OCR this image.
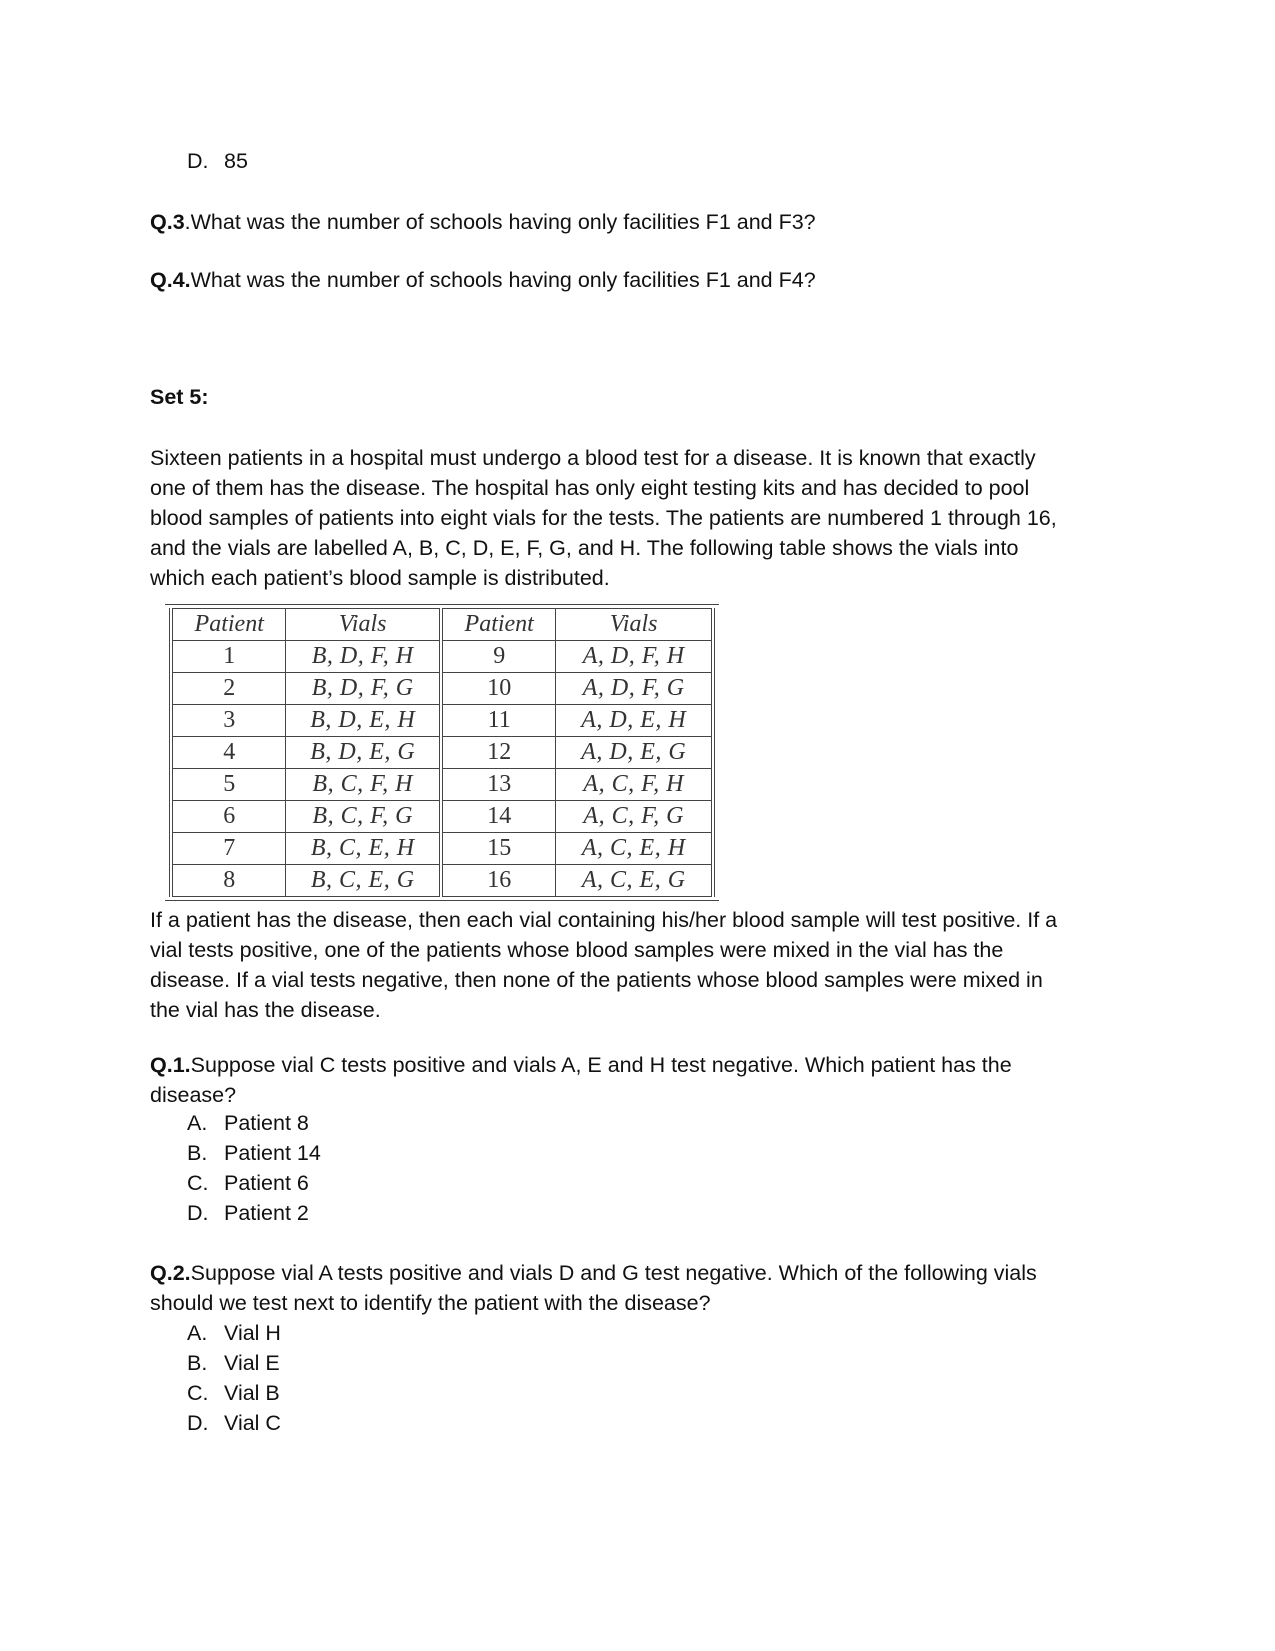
D. 85
Q.3.What was the number of schools having only facilities F1 and F3?
Q.4.What was the number of schools having only facilities F1 and F4?
Set 5:
Sixteen patients in a hospital must undergo a blood test for a disease. It is known that exactly
one of them has the disease. The hospital has only eight testing kits and has decided to pool
blood samples of patients into eight vials for the tests. The patients are numbered 1 through 16,
and the vials are labelled A, B, C, D, E, F, G, and H. The following table shows the vials into
which each patient’s blood sample is distributed.
Patient	Vials	Patient	Vials
1	B, D, F, H	9	A, D, F, H
2	B, D, F, G	10	A, D, F, G
3	B, D, E, H	11	A, D, E, H
4	B, D, E, G	12	A, D, E, G
5	B, C, F, H	13	A, C, F, H
6	B, C, F, G	14	A, C, F, G
7	B, C, E, H	15	A, C, E, H
8	B, C, E, G	16	A, C, E, G
If a patient has the disease, then each vial containing his/her blood sample will test positive. If a
vial tests positive, one of the patients whose blood samples were mixed in the vial has the
disease. If a vial tests negative, then none of the patients whose blood samples were mixed in
the vial has the disease.
Q.1.Suppose vial C tests positive and vials A, E and H test negative. Which patient has the
disease?
A. Patient 8
B. Patient 14
C. Patient 6
D. Patient 2
Q.2.Suppose vial A tests positive and vials D and G test negative. Which of the following vials
should we test next to identify the patient with the disease?
A. Vial H
B. Vial E
C. Vial B
D. Vial C
